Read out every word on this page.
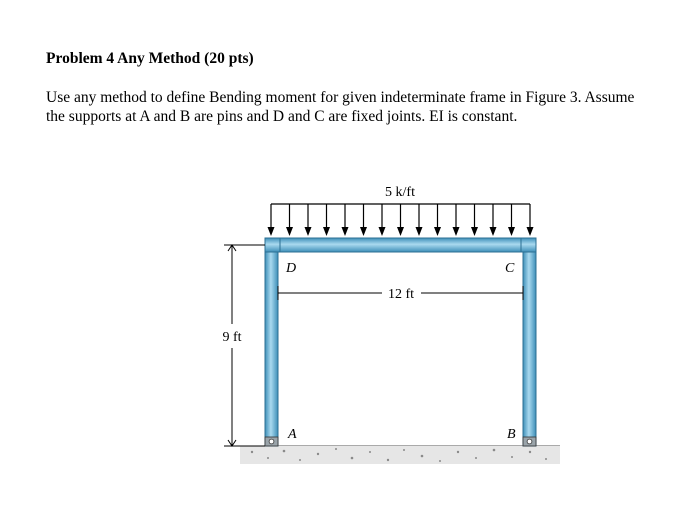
Problem 4 Any Method (20 pts)
Use any method to define Bending moment for given indeterminate frame in Figure 3. Assume
the supports at A and B are pins and D and C are fixed joints. EI is constant.
5 k/ft
12 ft
9 ft
D	C
A	B
